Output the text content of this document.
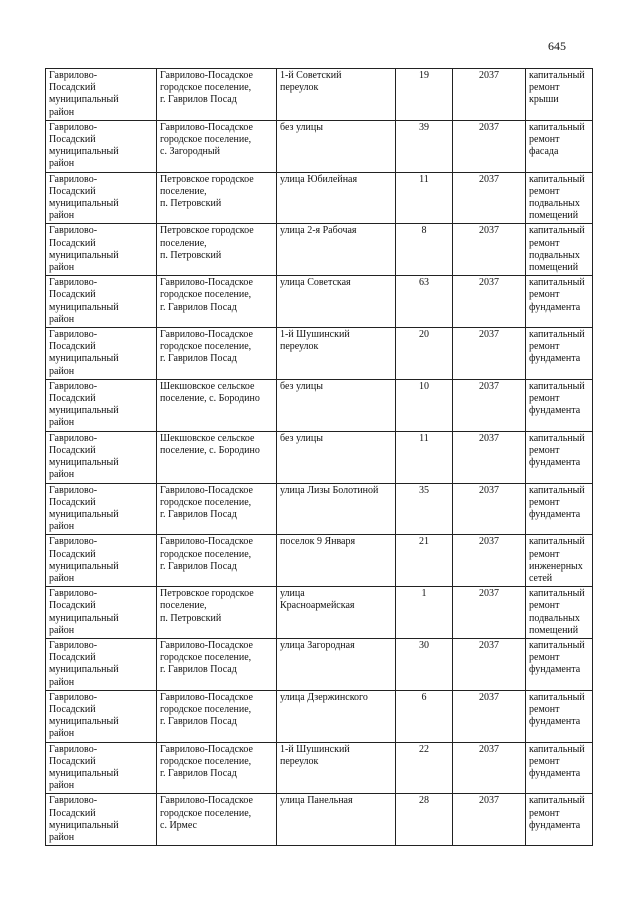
645
Гаврилово-
Посадский
муниципальный
район	Гаврилово-Посадское
городское поселение,
г. Гаврилов Посад	1-й Советский
переулок	19	2037	капитальный
ремонт крыши
Гаврилово-
Посадский
муниципальный
район	Гаврилово-Посадское
городское поселение,
с. Загородный	без улицы	39	2037	капитальный
ремонт фасада
Гаврилово-
Посадский
муниципальный
район	Петровское городское
поселение,
п. Петровский	улица Юбилейная	11	2037	капитальный
ремонт
подвальных
помещений
Гаврилово-
Посадский
муниципальный
район	Петровское городское
поселение,
п. Петровский	улица 2-я Рабочая	8	2037	капитальный
ремонт
подвальных
помещений
Гаврилово-
Посадский
муниципальный
район	Гаврилово-Посадское
городское поселение,
г. Гаврилов Посад	улица Советская	63	2037	капитальный
ремонт
фундамента
Гаврилово-
Посадский
муниципальный
район	Гаврилово-Посадское
городское поселение,
г. Гаврилов Посад	1-й Шушинский
переулок	20	2037	капитальный
ремонт
фундамента
Гаврилово-
Посадский
муниципальный
район	Шекшовское сельское
поселение, с. Бородино	без улицы	10	2037	капитальный
ремонт
фундамента
Гаврилово-
Посадский
муниципальный
район	Шекшовское сельское
поселение, с. Бородино	без улицы	11	2037	капитальный
ремонт
фундамента
Гаврилово-
Посадский
муниципальный
район	Гаврилово-Посадское
городское поселение,
г. Гаврилов Посад	улица Лизы Болотиной	35	2037	капитальный
ремонт
фундамента
Гаврилово-
Посадский
муниципальный
район	Гаврилово-Посадское
городское поселение,
г. Гаврилов Посад	поселок 9 Января	21	2037	капитальный
ремонт
инженерных
сетей
Гаврилово-
Посадский
муниципальный
район	Петровское городское
поселение,
п. Петровский	улица
Красноармейская	1	2037	капитальный
ремонт
подвальных
помещений
Гаврилово-
Посадский
муниципальный
район	Гаврилово-Посадское
городское поселение,
г. Гаврилов Посад	улица Загородная	30	2037	капитальный
ремонт
фундамента
Гаврилово-
Посадский
муниципальный
район	Гаврилово-Посадское
городское поселение,
г. Гаврилов Посад	улица Дзержинского	6	2037	капитальный
ремонт
фундамента
Гаврилово-
Посадский
муниципальный
район	Гаврилово-Посадское
городское поселение,
г. Гаврилов Посад	1-й Шушинский
переулок	22	2037	капитальный
ремонт
фундамента
Гаврилово-
Посадский
муниципальный
район	Гаврилово-Посадское
городское поселение,
с. Ирмес	улица Панельная	28	2037	капитальный
ремонт
фундамента
